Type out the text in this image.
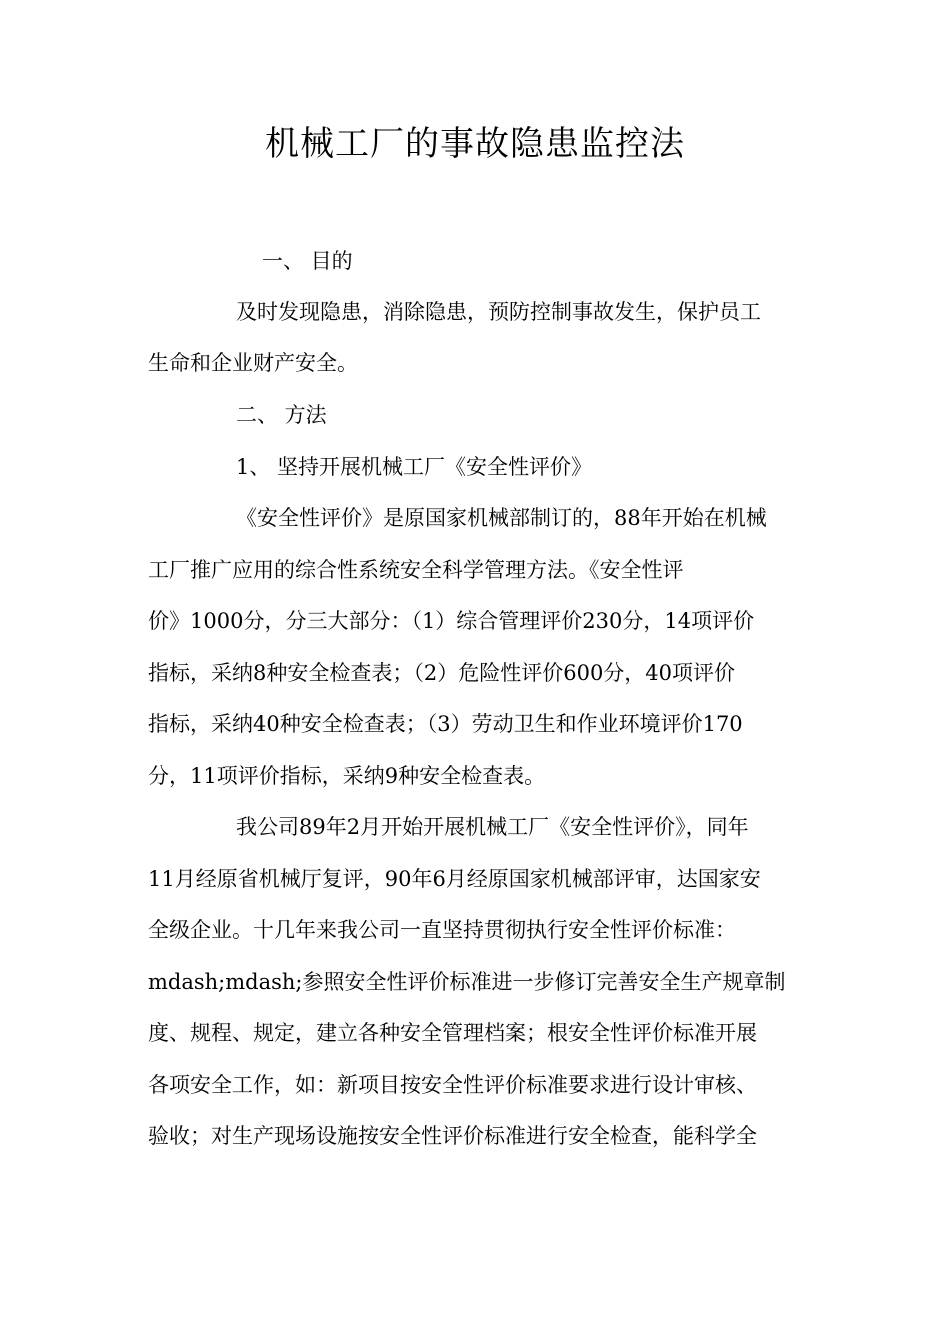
机械工厂的事故隐患监控法
一、 目的
及时发现隐患，消除隐患，预防控制事故发生，保护员工
生命和企业财产安全。
二、 方法
1、 坚持开展机械工厂《安全性评价》
《安全性评价》是原国家机械部制订的，88年开始在机械
工厂推广应用的综合性系统安全科学管理方法。《安全性评
价》1000分，分三大部分：（1）综合管理评价230分，14项评价
指标，采纳8种安全检查表；（2）危险性评价600分，40项评价
指标，采纳40种安全检查表；（3）劳动卫生和作业环境评价170
分，11项评价指标，采纳9种安全检查表。
我公司89年2月开始开展机械工厂《安全性评价》，同年
11月经原省机械厅复评，90年6月经原国家机械部评审，达国家安
全级企业。十几年来我公司一直坚持贯彻执行安全性评价标准：
mdash;mdash;参照安全性评价标准进一步修订完善安全生产规章制
度、规程、规定，建立各种安全管理档案；根安全性评价标准开展
各项安全工作，如：新项目按安全性评价标准要求进行设计审核、
验收；对生产现场设施按安全性评价标准进行安全检查，能科学全
